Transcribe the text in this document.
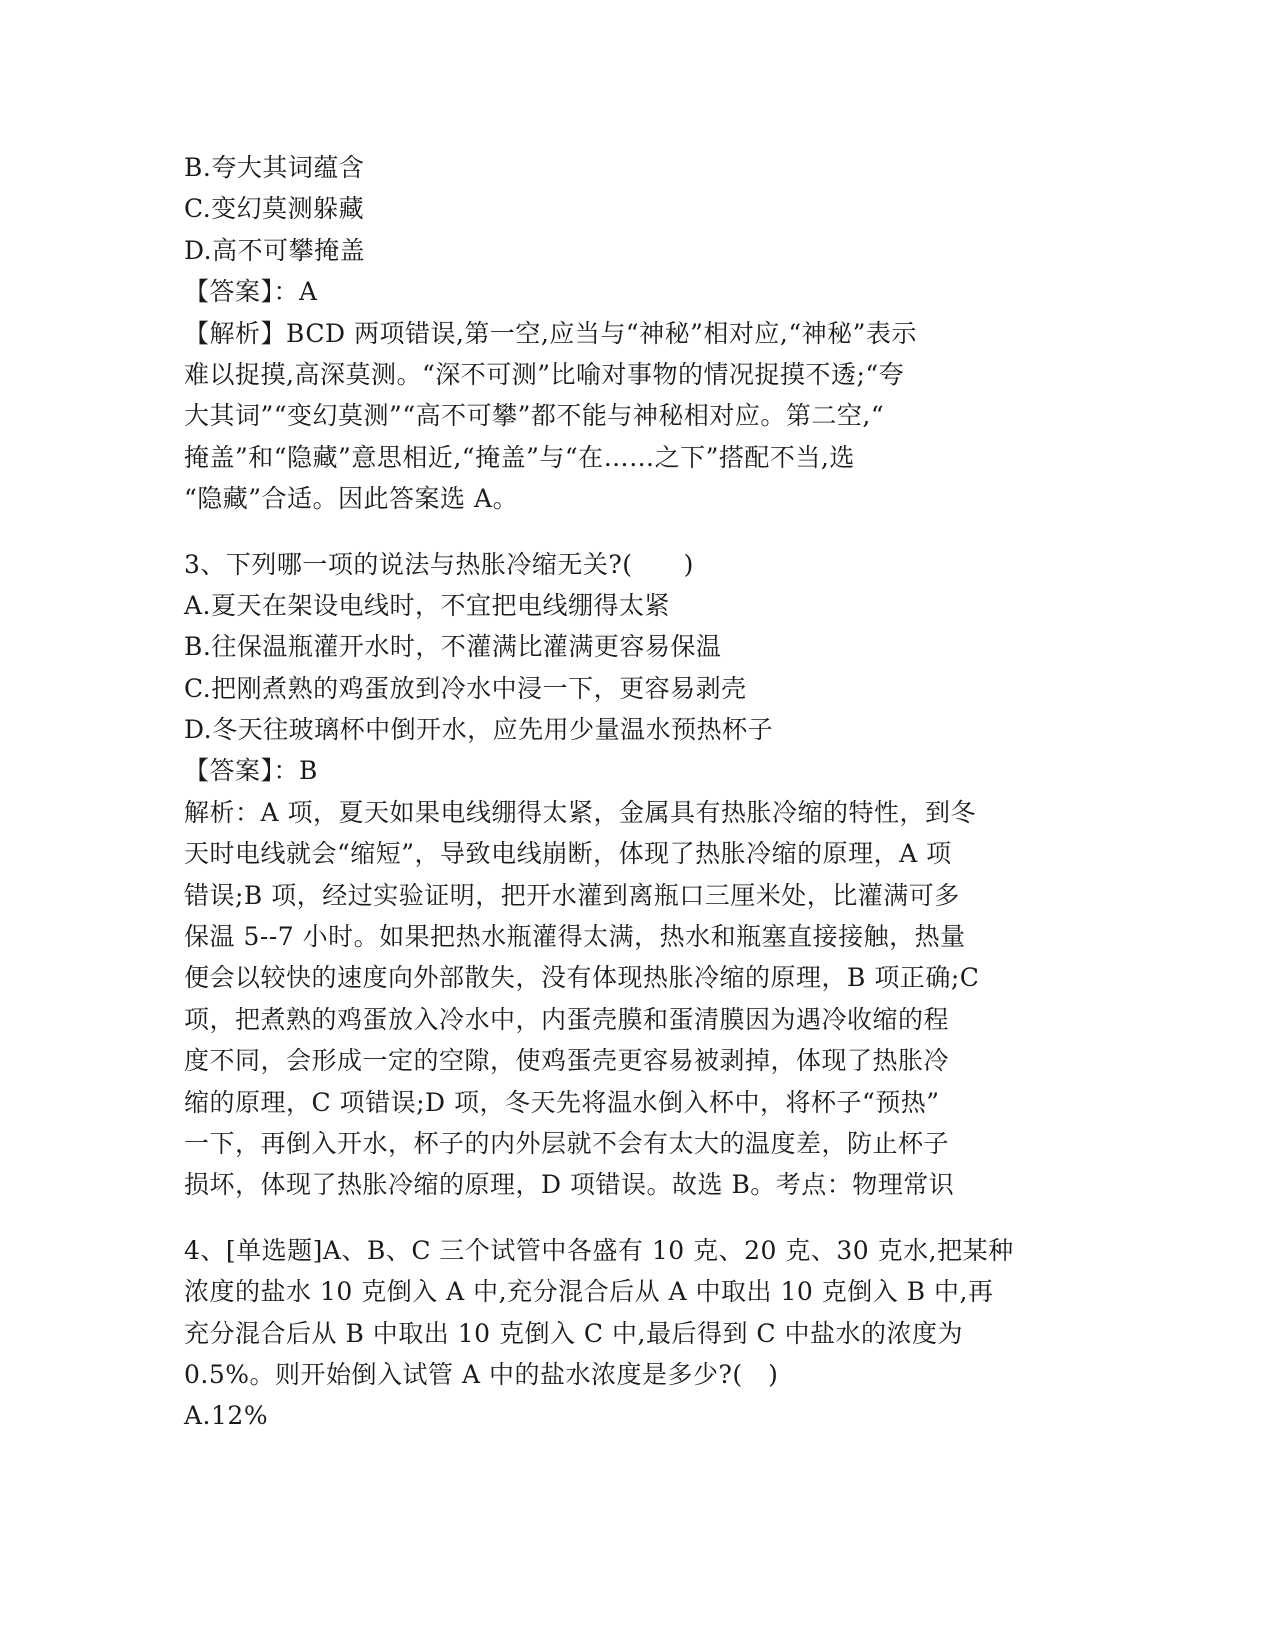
B.夸大其词蕴含
C.变幻莫测躲藏
D.高不可攀掩盖
【答案】：A
【解析】BCD 两项错误,第一空,应当与“神秘”相对应,“神秘”表示
难以捉摸,高深莫测。“深不可测”比喻对事物的情况捉摸不透;“夸
大其词”“变幻莫测”“高不可攀”都不能与神秘相对应。第二空,“
掩盖”和“隐藏”意思相近,“掩盖”与“在……之下”搭配不当,选
“隐藏”合适。因此答案选 A。
3、下列哪一项的说法与热胀冷缩无关?(　　)
A.夏天在架设电线时，不宜把电线绷得太紧
B.往保温瓶灌开水时，不灌满比灌满更容易保温
C.把刚煮熟的鸡蛋放到冷水中浸一下，更容易剥壳
D.冬天往玻璃杯中倒开水，应先用少量温水预热杯子
【答案】：B
解析：A 项，夏天如果电线绷得太紧，金属具有热胀冷缩的特性，到冬
天时电线就会“缩短”，导致电线崩断，体现了热胀冷缩的原理，A 项
错误;B 项，经过实验证明，把开水灌到离瓶口三厘米处，比灌满可多
保温 5--7 小时。如果把热水瓶灌得太满，热水和瓶塞直接接触，热量
便会以较快的速度向外部散失，没有体现热胀冷缩的原理，B 项正确;C
项，把煮熟的鸡蛋放入冷水中，内蛋壳膜和蛋清膜因为遇冷收缩的程
度不同，会形成一定的空隙，使鸡蛋壳更容易被剥掉，体现了热胀冷
缩的原理，C 项错误;D 项，冬天先将温水倒入杯中，将杯子“预热”
一下，再倒入开水，杯子的内外层就不会有太大的温度差，防止杯子
损坏，体现了热胀冷缩的原理，D 项错误。故选 B。考点：物理常识
4、[单选题]A、B、C 三个试管中各盛有 10 克、20 克、30 克水,把某种
浓度的盐水 10 克倒入 A 中,充分混合后从 A 中取出 10 克倒入 B 中,再
充分混合后从 B 中取出 10 克倒入 C 中,最后得到 C 中盐水的浓度为
0.5%。则开始倒入试管 A 中的盐水浓度是多少?(　)
A.12%
